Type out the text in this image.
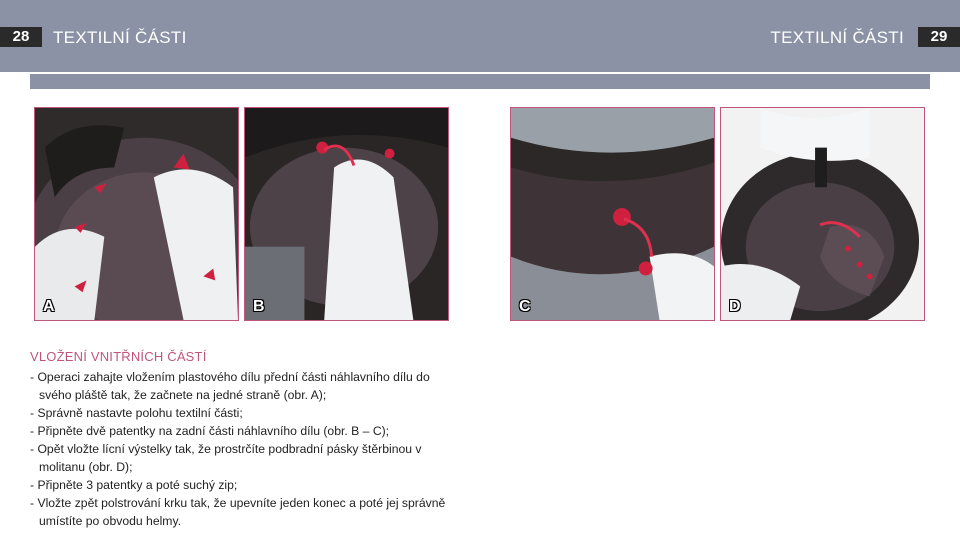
28	TEXTILNÍ ČÁSTI	TEXTILNÍ ČÁSTI	29
A	B	C	D
VLOŽENÍ VNITŘNÍCH ČÁSTÍ
- Operaci zahajte vložením plastového dílu přední části náhlavního dílu do svého pláště tak, že začnete na jedné straně (obr. A);
- Správně nastavte polohu textilní části;
- Připněte dvě patentky na zadní části náhlavního dílu (obr. B – C);
- Opět vložte lícní výstelky tak, že prostrčíte podbradní pásky štěrbinou v molitanu (obr. D);
- Připněte 3 patentky a poté suchý zip;
- Vložte zpět polstrování krku tak, že upevníte jeden konec a poté jej správně umístíte po obvodu helmy.
